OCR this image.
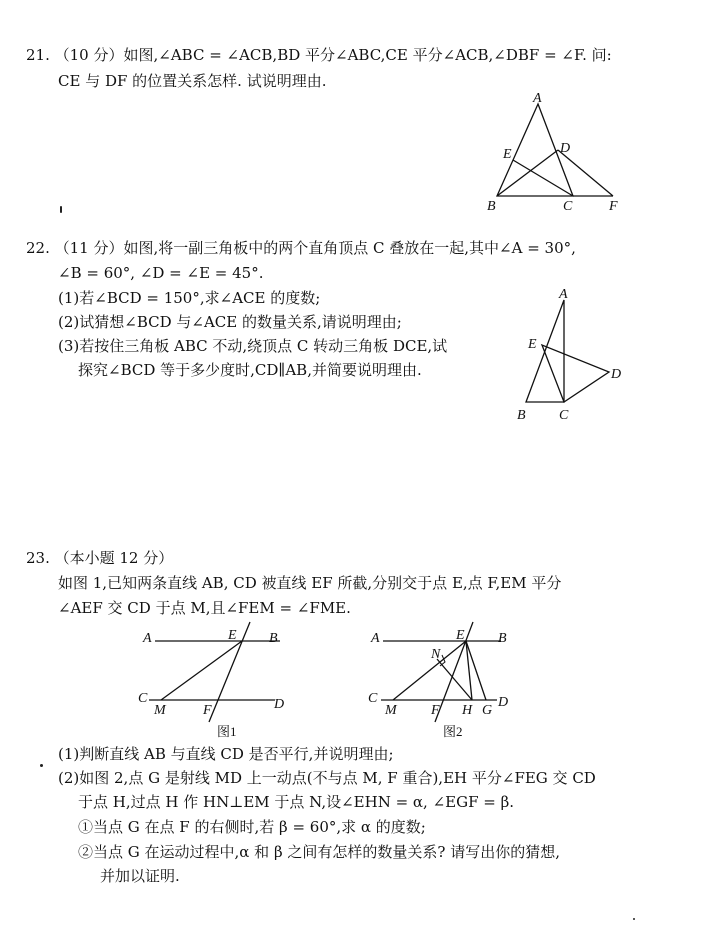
21. （10 分）如图,∠ABC = ∠ACB,BD 平分∠ABC,CE 平分∠ACB,∠DBF = ∠F. 问:
CE 与 DF 的位置关系怎样. 试说明理由.
A
B	C
D
E
F
22. （11 分）如图,将一副三角板中的两个直角顶点 C 叠放在一起,其中∠A = 30°,
∠B = 60°, ∠D = ∠E = 45°.
(1)若∠BCD = 150°,求∠ACE 的度数;
(2)试猜想∠BCD 与∠ACE 的数量关系,请说明理由;
(3)若按住三角板 ABC 不动,绕顶点 C 转动三角板 DCE,试
探究∠BCD 等于多少度时,CD∥AB,并简要说明理由.
A
B C
D
E
23. （本小题 12 分）
如图 1,已知两条直线 AB, CD 被直线 EF 所截,分别交于点 E,点 F,EM 平分
∠AEF 交 CD 于点 M,且∠FEM = ∠FME.
A	B
C	D
E
F
M
图1
A	B
C	D
E
F
M
N
H G
图2
(1)判断直线 AB 与直线 CD 是否平行,并说明理由;
(2)如图 2,点 G 是射线 MD 上一动点(不与点 M, F 重合),EH 平分∠FEG 交 CD
于点 H,过点 H 作 HN⊥EM 于点 N,设∠EHN = α, ∠EGF = β.
①当点 G 在点 F 的右侧时,若 β = 60°,求 α 的度数;
②当点 G 在运动过程中,α 和 β 之间有怎样的数量关系? 请写出你的猜想,
并加以证明.
